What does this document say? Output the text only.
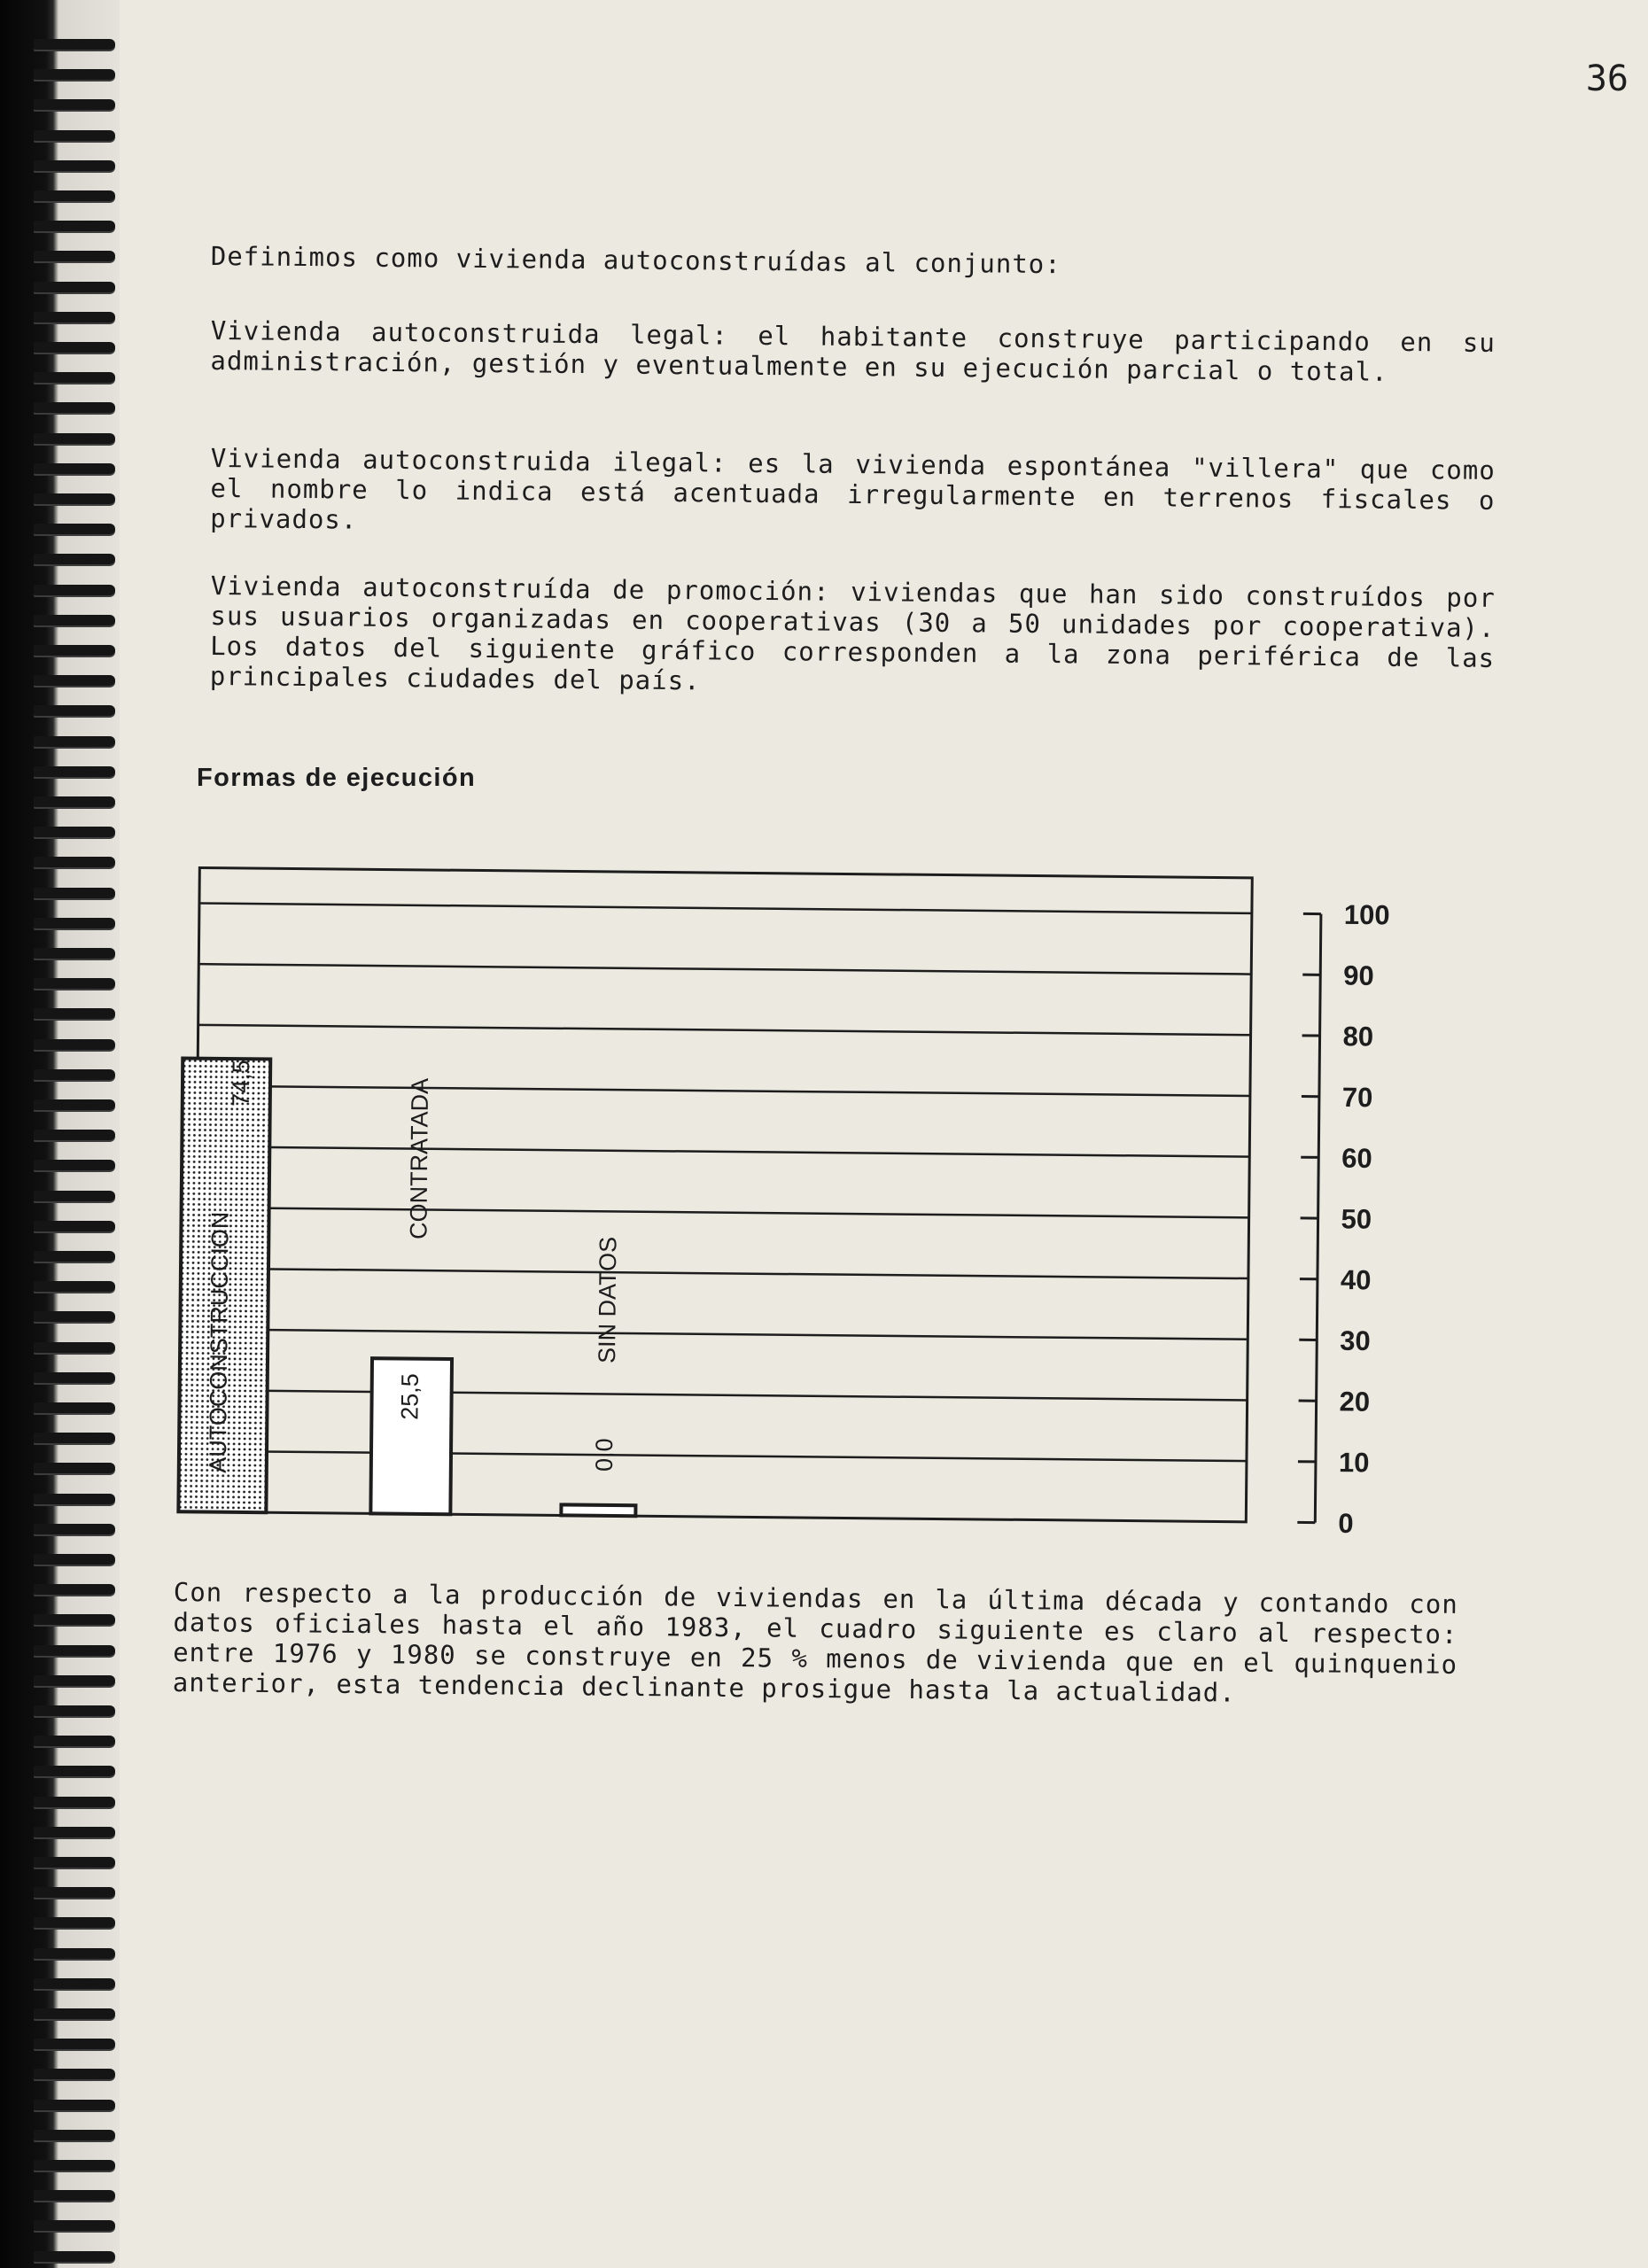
36

Definimos como vivienda autoconstruídas al conjunto:

Vivienda autoconstruida legal: el habitante construye participando en su administración, gestión y eventualmente en su ejecución parcial o total.

Vivienda autoconstruida ilegal: es la vivienda espontánea "villera" que como el nombre lo indica está acentuada irregularmente en terrenos fiscales o privados.

Vivienda autoconstruída de promoción: viviendas que han sido construídos por sus usuarios organizadas en cooperativas (30 a 50 unidades por cooperativa). Los datos del siguiente gráfico corresponden a la zona periférica de las principales ciudades del país.

Formas de ejecución
0
10
20
30
40
50
60
70
80
90
100
AUTOCONSTRUCCION
CONTRATADA
SIN DATOS
74,5
25,5
0,0

Con respecto a la producción de viviendas en la última década y contando con datos oficiales hasta el año 1983, el cuadro siguiente es claro al respecto: entre 1976 y 1980 se construye en 25 % menos de vivienda que en el quinquenio anterior, esta tendencia declinante prosigue hasta la actualidad.
